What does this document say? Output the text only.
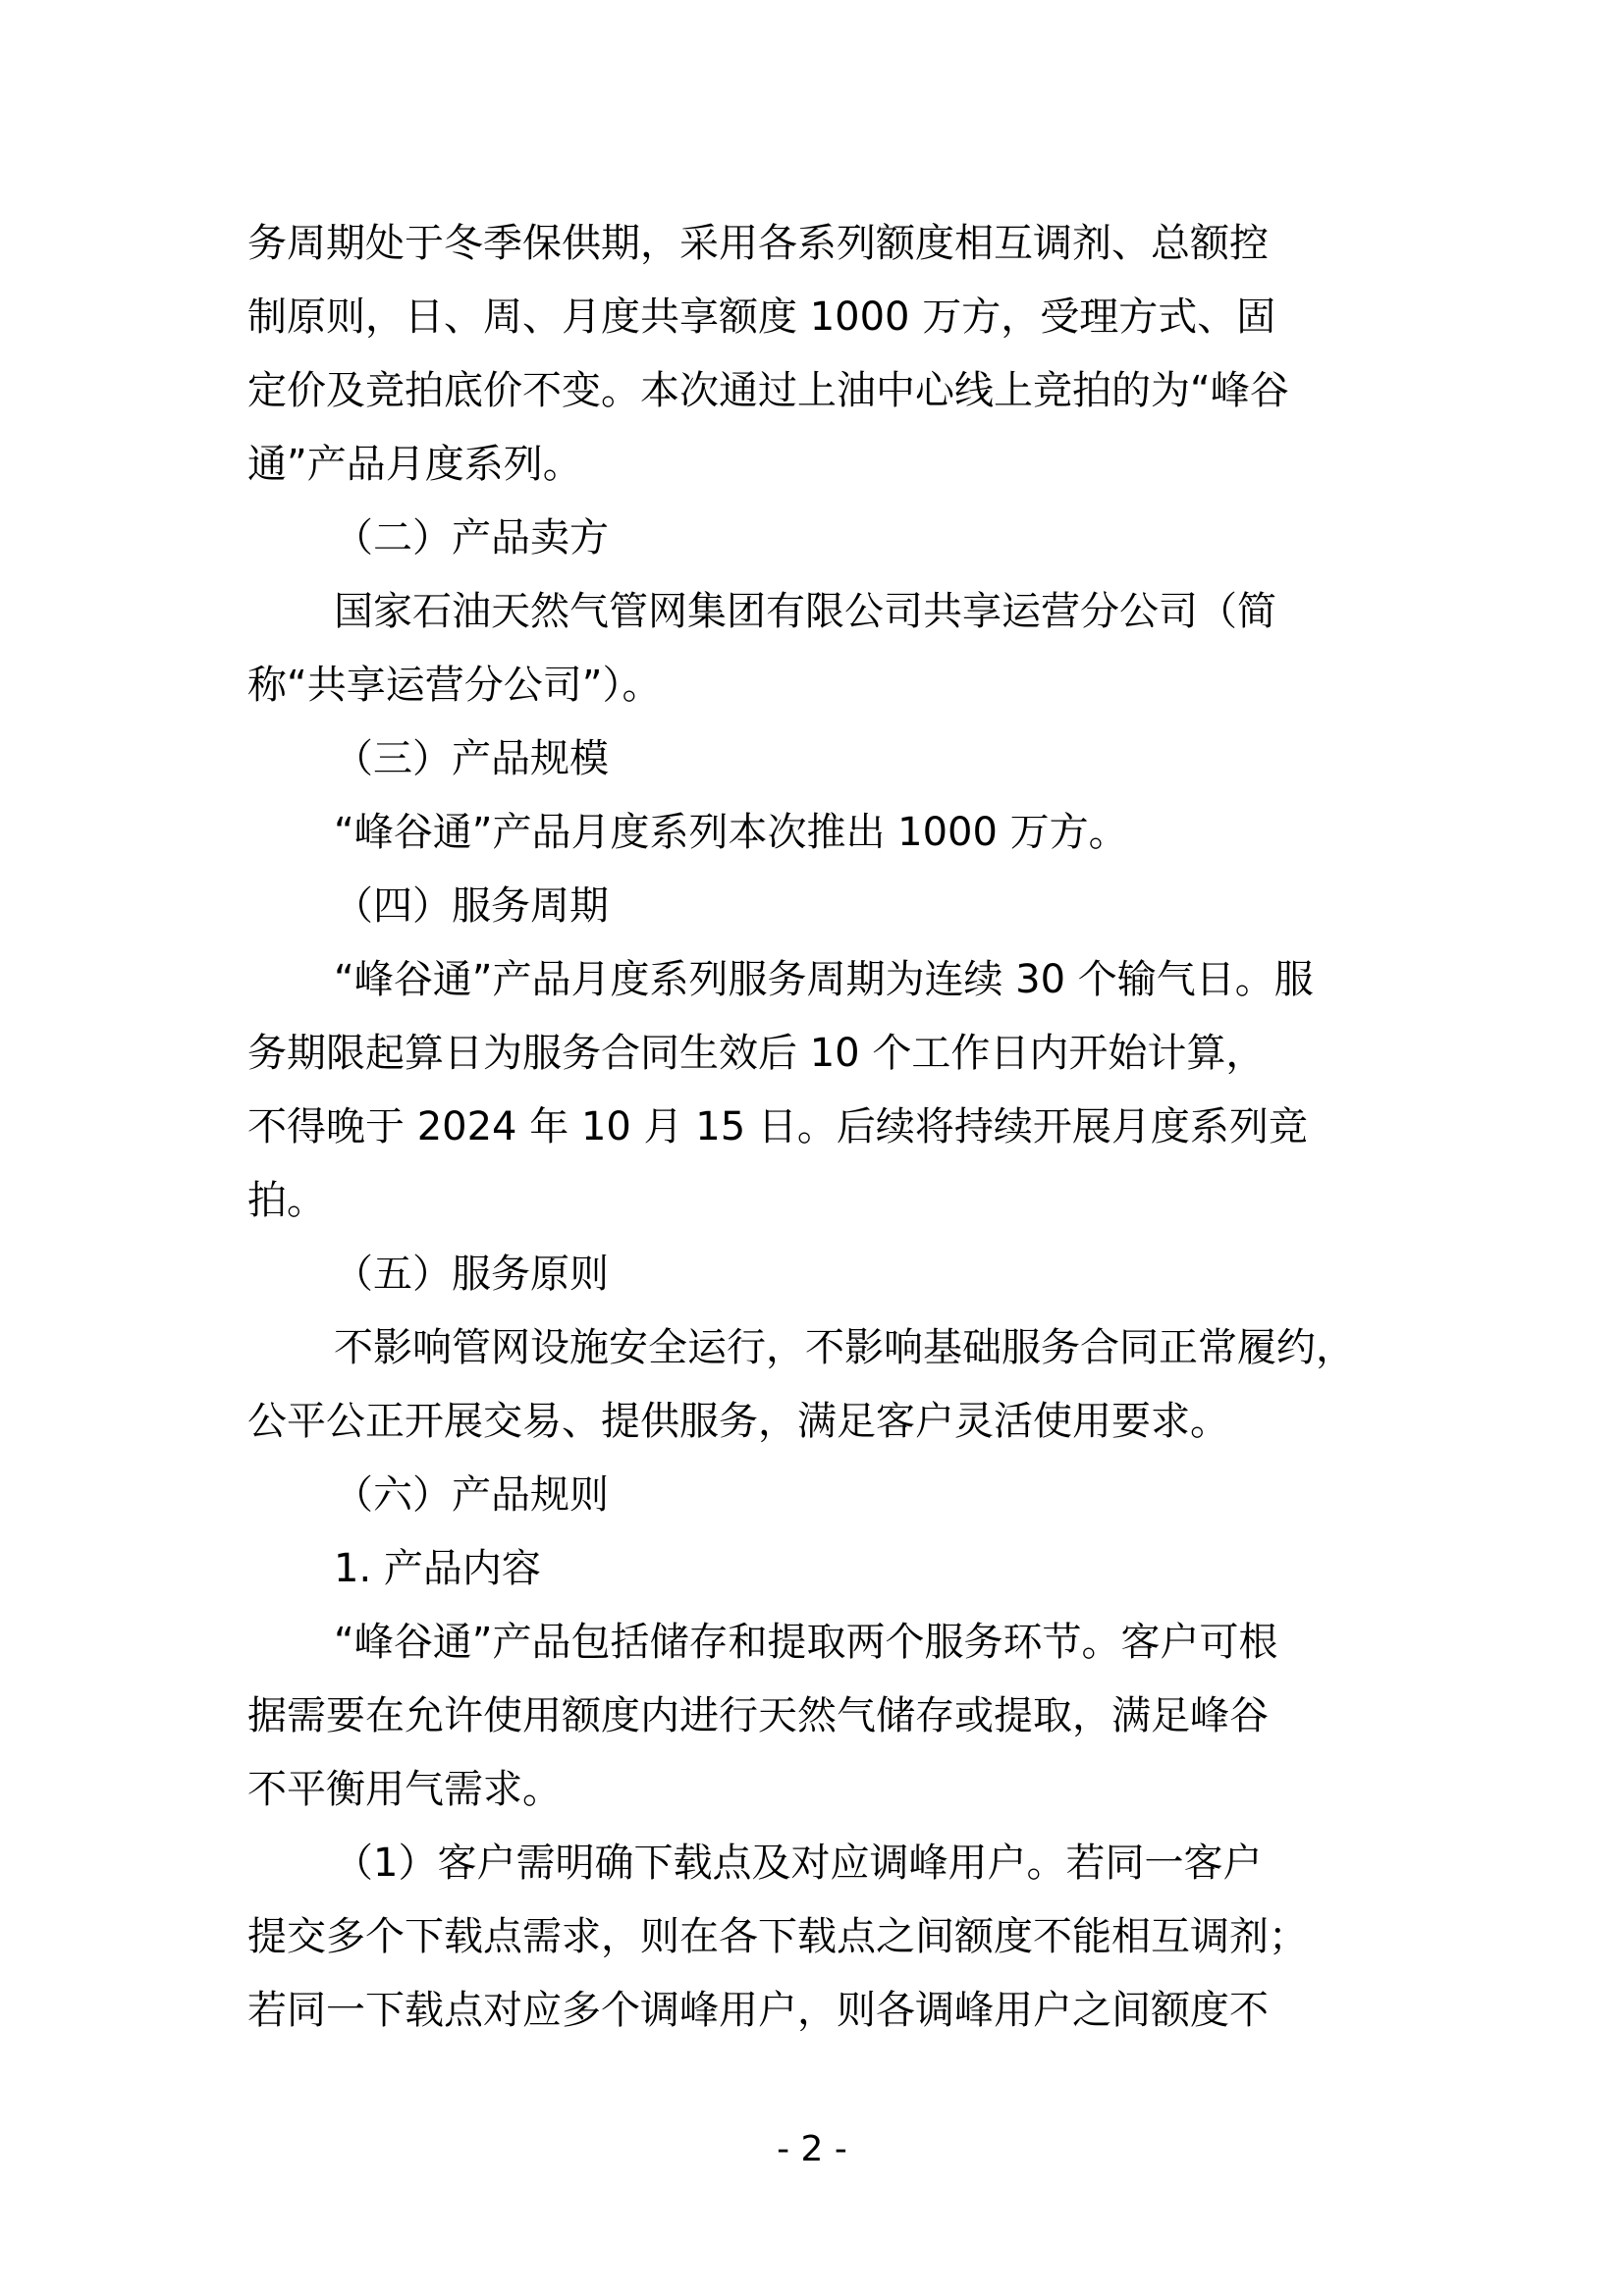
务周期处于冬季保供期，采用各系列额度相互调剂、总额控
制原则，日、周、月度共享额度 1000 万方，受理方式、固
定价及竞拍底价不变。本次通过上油中心线上竞拍的为“峰谷
通”产品月度系列。
（二）产品卖方
国家石油天然气管网集团有限公司共享运营分公司（简
称“共享运营分公司”）。
（三）产品规模
“峰谷通”产品月度系列本次推出 1000 万方。
（四）服务周期
“峰谷通”产品月度系列服务周期为连续 30 个输气日。服
务期限起算日为服务合同生效后 10 个工作日内开始计算，
不得晚于 2024 年 10 月 15 日。后续将持续开展月度系列竞
拍。
（五）服务原则
不影响管网设施安全运行，不影响基础服务合同正常履约，
公平公正开展交易、提供服务，满足客户灵活使用要求。
（六）产品规则
1. 产品内容
“峰谷通”产品包括储存和提取两个服务环节。客户可根
据需要在允许使用额度内进行天然气储存或提取，满足峰谷
不平衡用气需求。
（1）客户需明确下载点及对应调峰用户。若同一客户
提交多个下载点需求，则在各下载点之间额度不能相互调剂；
若同一下载点对应多个调峰用户，则各调峰用户之间额度不
- 2 -
